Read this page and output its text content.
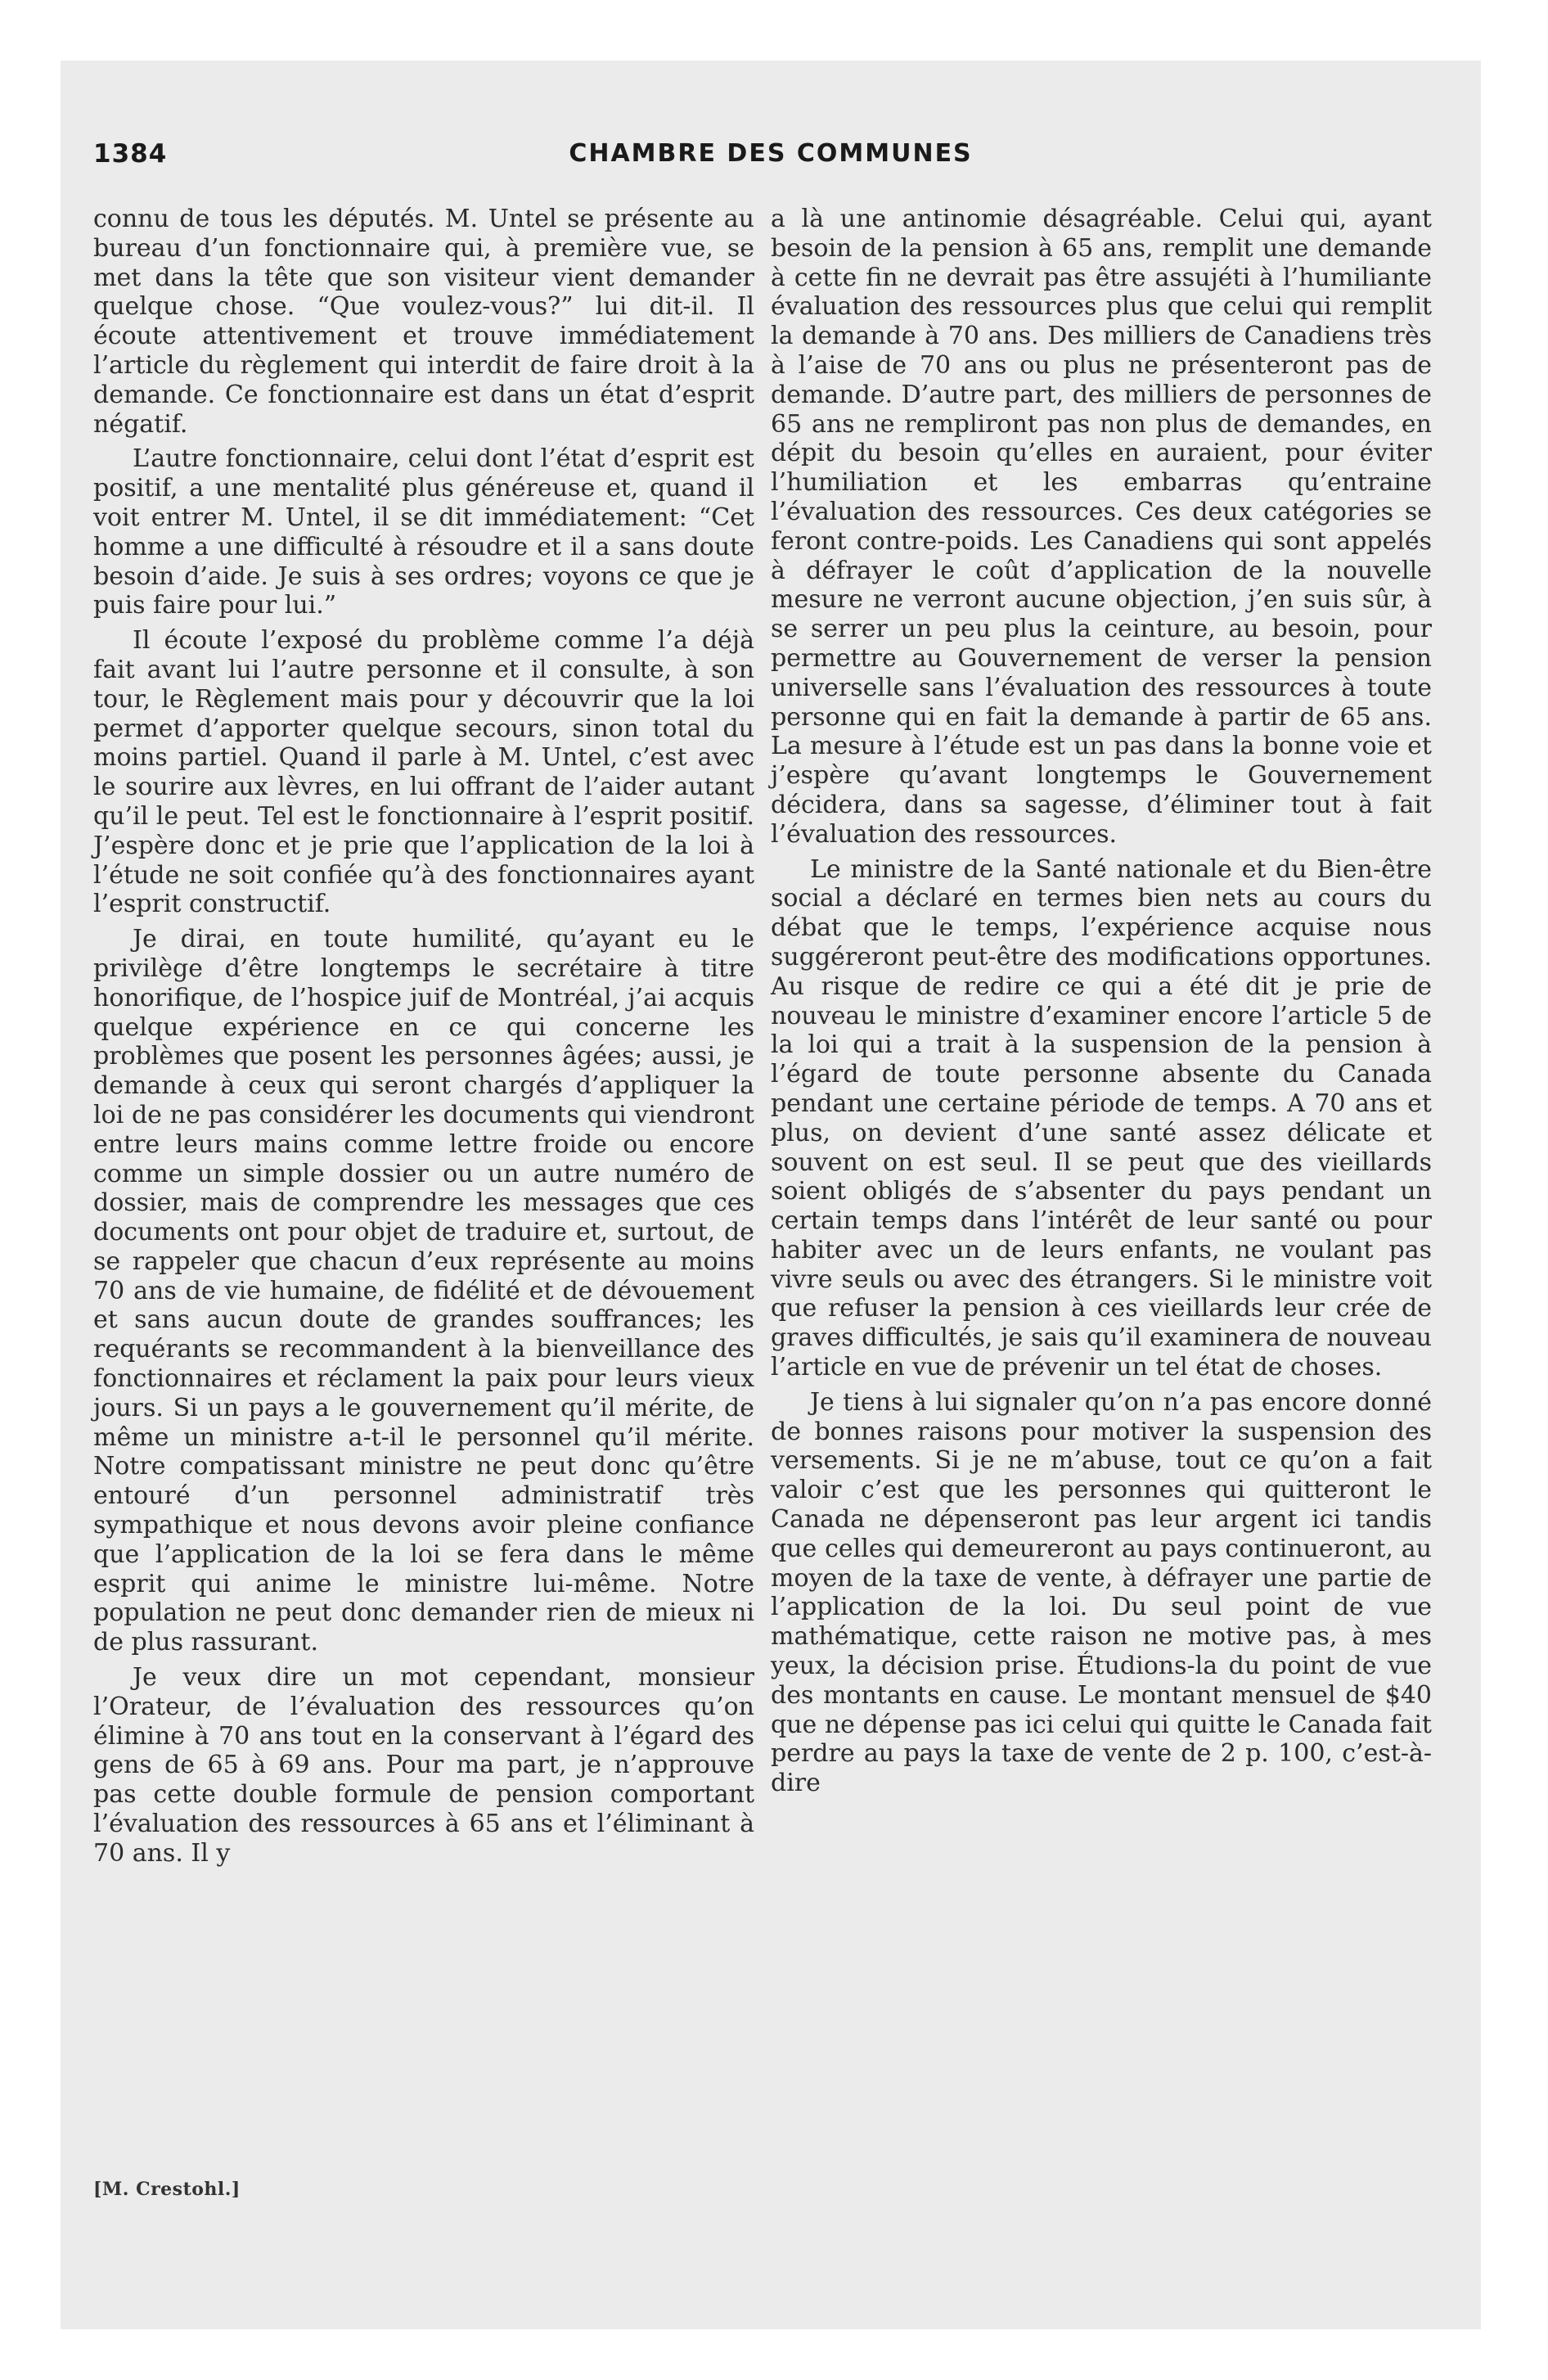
1384	CHAMBRE DES COMMUNES

connu de tous les députés. M. Untel se présente au bureau d’un fonctionnaire qui, à première vue, se met dans la tête que son visiteur vient demander quelque chose. “Que voulez-vous?” lui dit-il. Il écoute attentivement et trouve immédiatement l’article du règlement qui interdit de faire droit à la demande. Ce fonctionnaire est dans un état d’esprit négatif.

L’autre fonctionnaire, celui dont l’état d’esprit est positif, a une mentalité plus généreuse et, quand il voit entrer M. Untel, il se dit immédiatement: “Cet homme a une difficulté à résoudre et il a sans doute besoin d’aide. Je suis à ses ordres; voyons ce que je puis faire pour lui.”

Il écoute l’exposé du problème comme l’a déjà fait avant lui l’autre personne et il consulte, à son tour, le Règlement mais pour y découvrir que la loi permet d’apporter quelque secours, sinon total du moins partiel. Quand il parle à M. Untel, c’est avec le sourire aux lèvres, en lui offrant de l’aider autant qu’il le peut. Tel est le fonctionnaire à l’esprit positif. J’espère donc et je prie que l’application de la loi à l’étude ne soit confiée qu’à des fonctionnaires ayant l’esprit constructif.

Je dirai, en toute humilité, qu’ayant eu le privilège d’être longtemps le secrétaire à titre honorifique, de l’hospice juif de Montréal, j’ai acquis quelque expérience en ce qui concerne les problèmes que posent les personnes âgées; aussi, je demande à ceux qui seront chargés d’appliquer la loi de ne pas considérer les documents qui viendront entre leurs mains comme lettre froide ou encore comme un simple dossier ou un autre numéro de dossier, mais de comprendre les messages que ces documents ont pour objet de traduire et, surtout, de se rappeler que chacun d’eux représente au moins 70 ans de vie humaine, de fidélité et de dévouement et sans aucun doute de grandes souffrances; les requérants se recommandent à la bienveillance des fonctionnaires et réclament la paix pour leurs vieux jours. Si un pays a le gouvernement qu’il mérite, de même un ministre a-t-il le personnel qu’il mérite. Notre compatissant ministre ne peut donc qu’être entouré d’un personnel administratif très sympathique et nous devons avoir pleine confiance que l’application de la loi se fera dans le même esprit qui anime le ministre lui-même. Notre population ne peut donc demander rien de mieux ni de plus rassurant.

Je veux dire un mot cependant, monsieur l’Orateur, de l’évaluation des ressources qu’on élimine à 70 ans tout en la conservant à l’égard des gens de 65 à 69 ans. Pour ma part, je n’approuve pas cette double formule de pension comportant l’évaluation des ressources à 65 ans et l’éliminant à 70 ans. Il y

a là une antinomie désagréable. Celui qui, ayant besoin de la pension à 65 ans, remplit une demande à cette fin ne devrait pas être assujéti à l’humiliante évaluation des ressources plus que celui qui remplit la demande à 70 ans. Des milliers de Canadiens très à l’aise de 70 ans ou plus ne présenteront pas de demande. D’autre part, des milliers de personnes de 65 ans ne rempliront pas non plus de demandes, en dépit du besoin qu’elles en auraient, pour éviter l’humiliation et les embarras qu’entraine l’évaluation des ressources. Ces deux catégories se feront contre-poids. Les Canadiens qui sont appelés à défrayer le coût d’application de la nouvelle mesure ne verront aucune objection, j’en suis sûr, à se serrer un peu plus la ceinture, au besoin, pour permettre au Gouvernement de verser la pension universelle sans l’évaluation des ressources à toute personne qui en fait la demande à partir de 65 ans. La mesure à l’étude est un pas dans la bonne voie et j’espère qu’avant longtemps le Gouvernement décidera, dans sa sagesse, d’éliminer tout à fait l’évaluation des ressources.

Le ministre de la Santé nationale et du Bien-être social a déclaré en termes bien nets au cours du débat que le temps, l’expérience acquise nous suggéreront peut-être des modifications opportunes. Au risque de redire ce qui a été dit je prie de nouveau le ministre d’examiner encore l’article 5 de la loi qui a trait à la suspension de la pension à l’égard de toute personne absente du Canada pendant une certaine période de temps. A 70 ans et plus, on devient d’une santé assez délicate et souvent on est seul. Il se peut que des vieillards soient obligés de s’absenter du pays pendant un certain temps dans l’intérêt de leur santé ou pour habiter avec un de leurs enfants, ne voulant pas vivre seuls ou avec des étrangers. Si le ministre voit que refuser la pension à ces vieillards leur crée de graves difficultés, je sais qu’il examinera de nouveau l’article en vue de prévenir un tel état de choses.

Je tiens à lui signaler qu’on n’a pas encore donné de bonnes raisons pour motiver la suspension des versements. Si je ne m’abuse, tout ce qu’on a fait valoir c’est que les personnes qui quitteront le Canada ne dépenseront pas leur argent ici tandis que celles qui demeureront au pays continueront, au moyen de la taxe de vente, à défrayer une partie de l’application de la loi. Du seul point de vue mathématique, cette raison ne motive pas, à mes yeux, la décision prise. Étudions-la du point de vue des montants en cause. Le montant mensuel de $40 que ne dépense pas ici celui qui quitte le Canada fait perdre au pays la taxe de vente de 2 p. 100, c’est-à-dire

[M. Crestohl.]
